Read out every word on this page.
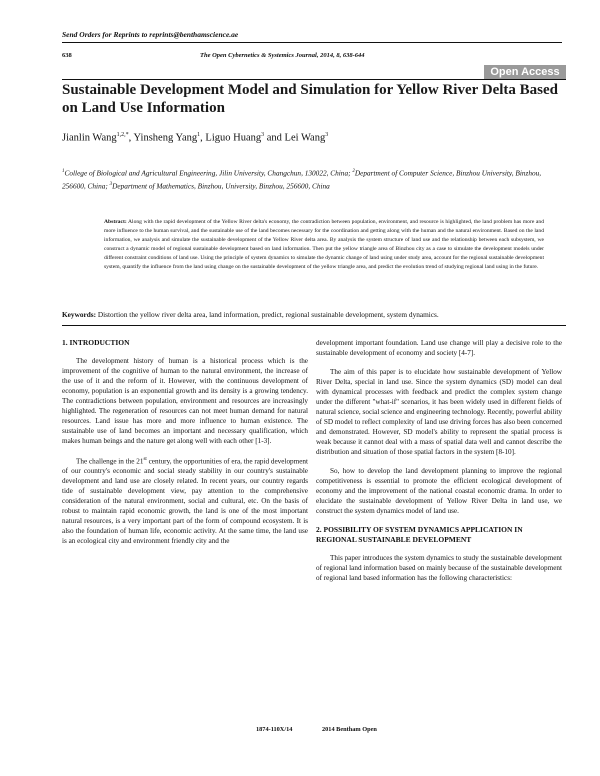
Send Orders for Reprints to reprints@benthamscience.ae
638	The Open Cybernetics & Systemics Journal, 2014, 8, 638-644
Open Access
Sustainable Development Model and Simulation for Yellow River Delta Based on Land Use Information
Jianlin Wang$^{1,2,*}$, Yinsheng Yang$^1$, Liguo Huang$^3$ and Lei Wang$^3$
$^1$College of Biological and Agricultural Engineering, Jilin University, Changchun, 130022, China; $^2$Department of Computer Science, Binzhou University, Binzhou, 256600, China; $^3$Department of Mathematics, Binzhou, University, Binzhou, 256600, China
Abstract: Along with the rapid development of the Yellow River delta's economy, the contradiction between population, environment, and resource is highlighted, the land problem has more and more influence to the human survival, and the sustainable use of the land becomes necessary for the coordination and getting along with the human and the natural environment. Based on the land information, we analysis and simulate the sustainable development of the Yellow River delta area. By analysis the system structure of land use and the relationship between each subsystem, we construct a dynamic model of regional sustainable development based on land information. Then put the yellow triangle area of Binzhou city as a case to simulate the development models under different constraint conditions of land use. Using the principle of system dynamics to simulate the dynamic change of land using under study area, account for the regional sustainable development system, quantify the influence from the land using change on the sustainable development of the yellow triangle area, and predict the evolution trend of studying regional land using in the future.
Keywords: Distortion the yellow river delta area, land information, predict, regional sustainable development, system dynamics.
1. INTRODUCTION

The development history of human is a historical process which is the improvement of the cognitive of human to the natural environment, the increase of the use of it and the reform of it. However, with the continuous development of economy, population is an exponential growth and its density is a growing tendency. The contradictions between population, environment and resources are increasingly highlighted. The regeneration of resources can not meet human demand for natural resources. Land issue has more and more influence to human existence. The sustainable use of land becomes an important and necessary qualification, which makes human beings and the nature get along well with each other [1-3].

The challenge in the 21st century, the opportunities of era, the rapid development of our country's economic and social steady stability in our country's sustainable development and land use are closely related. In recent years, our country regards tide of sustainable development view, pay attention to the comprehensive consideration of the natural environment, social and cultural, etc. On the basis of robust to maintain rapid economic growth, the land is one of the most important natural resources, is a very important part of the form of compound ecosystem. It is also the foundation of human life, economic activity. At the same time, the land use is an ecological city and environment friendly city and the

development important foundation. Land use change will play a decisive role to the sustainable development of economy and society [4-7].

The aim of this paper is to elucidate how sustainable development of Yellow River Delta, special in land use. Since the system dynamics (SD) model can deal with dynamical processes with feedback and predict the complex system change under the different "what-if" scenarios, it has been widely used in different fields of natural science, social science and engineering technology. Recently, powerful ability of SD model to reflect complexity of land use driving forces has also been concerned and demonstrated. However, SD model's ability to represent the spatial process is weak because it cannot deal with a mass of spatial data well and cannot describe the distribution and situation of those spatial factors in the system [8-10].

So, how to develop the land development planning to improve the regional competitiveness is essential to promote the efficient ecological development of economy and the improvement of the national coastal economic drama. In order to elucidate the sustainable development of Yellow River Delta in land use, we construct the system dynamics model of land use.

2. POSSIBILITY OF SYSTEM DYNAMICS APPLICATION IN REGIONAL SUSTAINABLE DEVELOPMENT

This paper introduces the system dynamics to study the sustainable development of regional land information based on mainly because of the sustainable development of regional land based information has the following characteristics:

1874-110X/14	2014 Bentham Open
